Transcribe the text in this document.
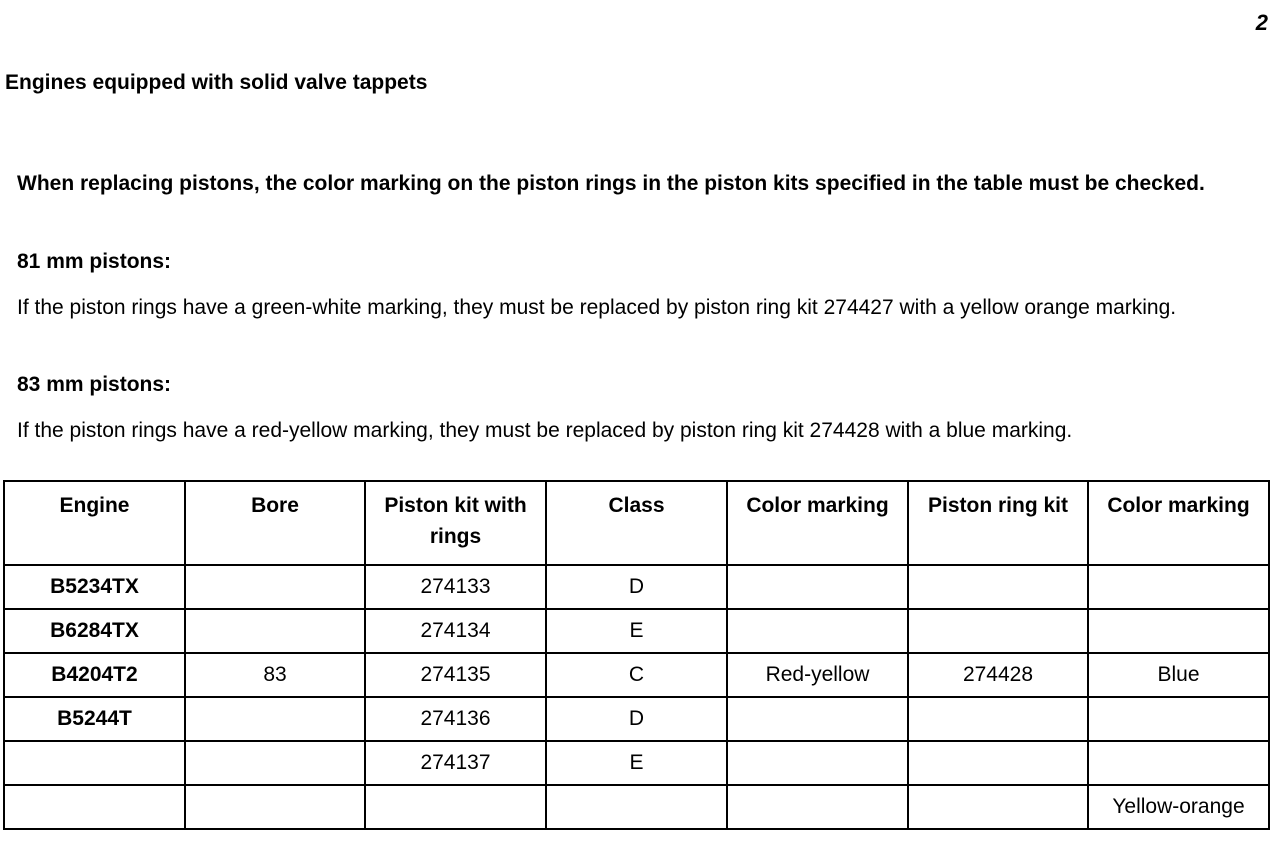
2
Engines equipped with solid valve tappets

When replacing pistons, the color marking on the piston rings in the piston kits specified in the table must be checked.

81 mm pistons:

If the piston rings have a green-white marking, they must be replaced by piston ring kit 274427 with a yellow orange marking.

83 mm pistons:

If the piston rings have a red-yellow marking, they must be replaced by piston ring kit 274428 with a blue marking.

Engine	Bore	Piston kit with rings	Class	Color marking	Piston ring kit	Color marking
B5234TX		274133	D			
B6284TX		274134	E			
B4204T2	83	274135	C	Red-yellow	274428	Blue
B5244T		274136	D			
		274137	E			
						Yellow-orange
